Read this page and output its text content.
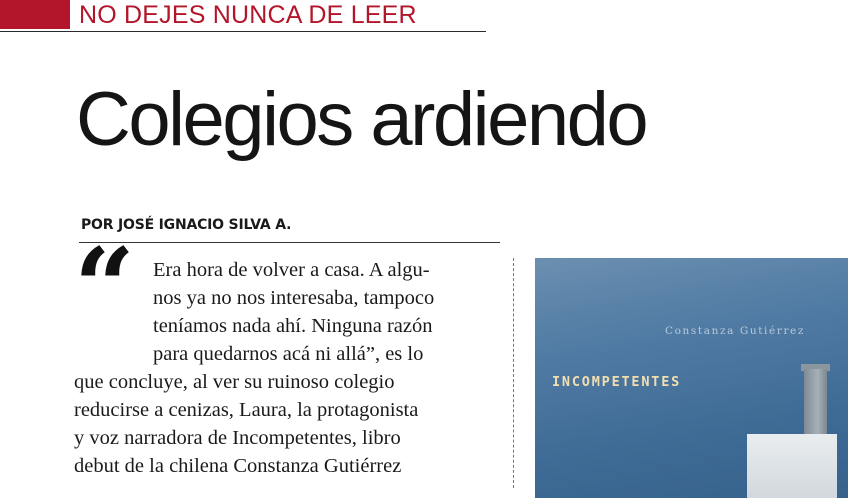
NO DEJES NUNCA DE LEER
Colegios ardiendo
POR JOSÉ IGNACIO SILVA A.
“ Era hora de volver a casa. A algu-
nos ya no nos interesaba, tampoco
teníamos nada ahí. Ninguna razón
para quedarnos acá ni allá”, es lo
que concluye, al ver su ruinoso colegio
reducirse a cenizas, Laura, la protagonista
y voz narradora de Incompetentes, libro
debut de la chilena Constanza Gutiérrez
Constanza Gutiérrez
INCOMPETENTES
